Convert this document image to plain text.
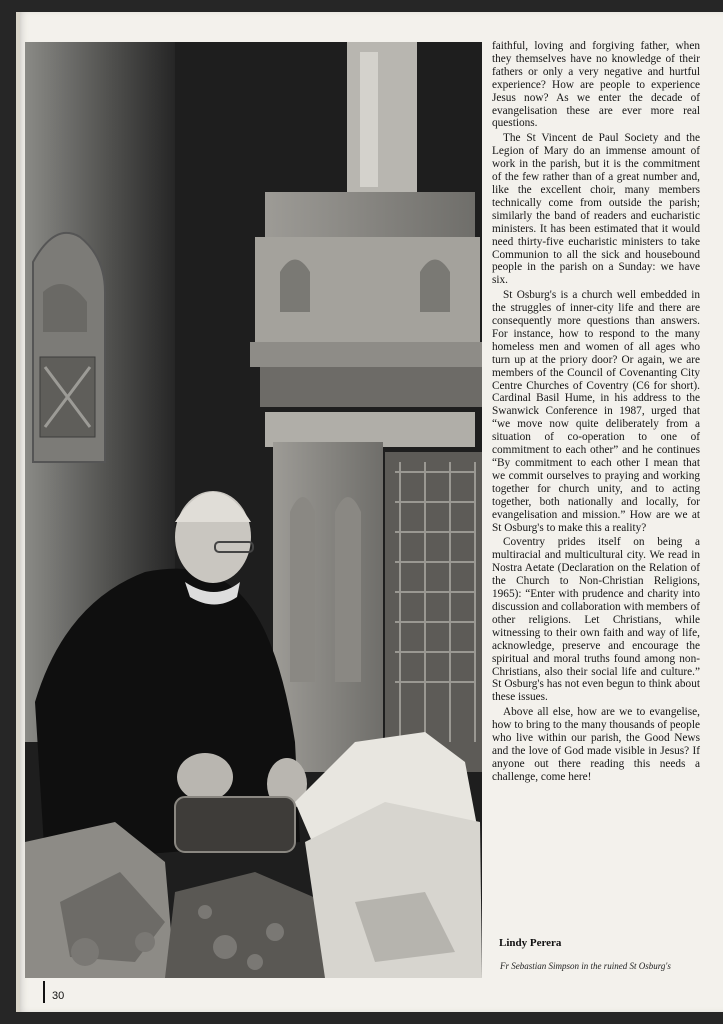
faithful, loving and forgiving father, when they themselves have no knowledge of their fathers or only a very negative and hurtful experience? How are people to experience Jesus now? As we enter the decade of evangelisation these are ever more real questions.

The St Vincent de Paul Society and the Legion of Mary do an immense amount of work in the parish, but it is the commitment of the few rather than of a great number and, like the excellent choir, many members technically come from outside the parish; similarly the band of readers and eucharistic ministers. It has been estimated that it would need thirty-five eucharistic ministers to take Communion to all the sick and housebound people in the parish on a Sunday: we have six.

St Osburg's is a church well embedded in the struggles of inner-city life and there are consequently more questions than answers. For instance, how to respond to the many homeless men and women of all ages who turn up at the priory door? Or again, we are members of the Council of Covenanting City Centre Churches of Coventry (C6 for short). Cardinal Basil Hume, in his address to the Swanwick Conference in 1987, urged that “we move now quite deliberately from a situation of co-operation to one of commitment to each other” and he continues “By commitment to each other I mean that we commit ourselves to praying and working together for church unity, and to acting together, both nationally and locally, for evangelisation and mission.” How are we at St Osburg's to make this a reality?

Coventry prides itself on being a multiracial and multicultural city. We read in Nostra Aetate (Declaration on the Relation of the Church to Non-Christian Religions, 1965): “Enter with prudence and charity into discussion and collaboration with members of other religions. Let Christians, while witnessing to their own faith and way of life, acknowledge, preserve and encourage the spiritual and moral truths found among non-Christians, also their social life and culture.” St Osburg's has not even begun to think about these issues.

Above all else, how are we to evangelise, how to bring to the many thousands of people who live within our parish, the Good News and the love of God made visible in Jesus? If anyone out there reading this needs a challenge, come here!

Lindy Perera
Fr Sebastian Simpson in the ruined St Osburg's
30
